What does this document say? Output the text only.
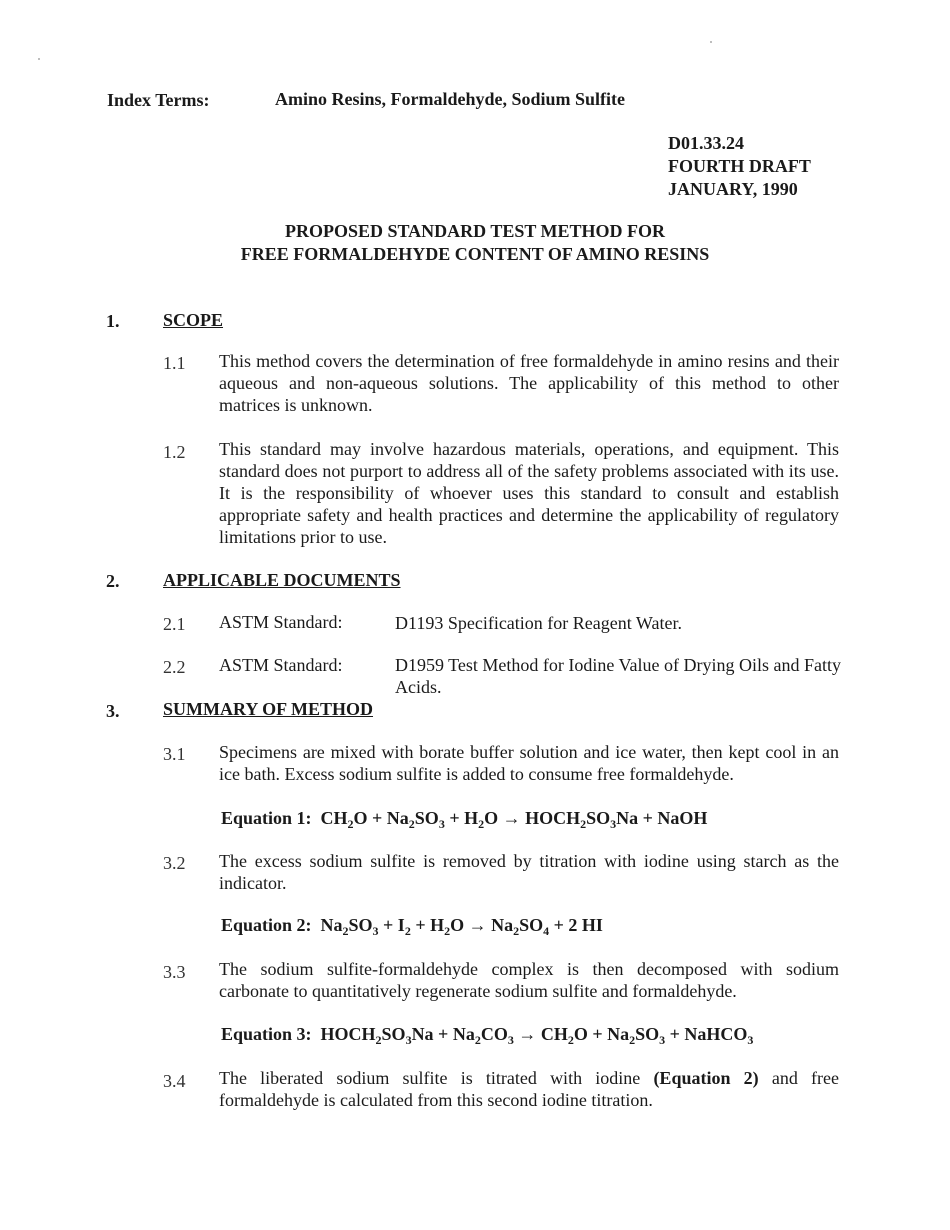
Index Terms:	Amino Resins, Formaldehyde, Sodium Sulfite
D01.33.24
FOURTH DRAFT
JANUARY, 1990
PROPOSED STANDARD TEST METHOD FOR
FREE FORMALDEHYDE CONTENT OF AMINO RESINS
1. SCOPE
1.1 This method covers the determination of free formaldehyde in amino resins and their aqueous and non-aqueous solutions. The applicability of this method to other matrices is unknown.
1.2 This standard may involve hazardous materials, operations, and equipment. This standard does not purport to address all of the safety problems associated with its use. It is the responsibility of whoever uses this standard to consult and establish appropriate safety and health practices and determine the applicability of regulatory limitations prior to use.
2. APPLICABLE DOCUMENTS
2.1 ASTM Standard:	D1193 Specification for Reagent Water.
2.2 ASTM Standard:	D1959 Test Method for Iodine Value of Drying Oils and Fatty Acids.
3. SUMMARY OF METHOD
3.1 Specimens are mixed with borate buffer solution and ice water, then kept cool in an ice bath. Excess sodium sulfite is added to consume free formaldehyde.
Equation 1: $CH_2O + Na_2SO_3 + H_2O$ → $HOCH_2SO_3Na$ + NaOH
3.2 The excess sodium sulfite is removed by titration with iodine using starch as the indicator.
Equation 2: $Na_2SO_3 + I_2 + H_2O \to Na_2SO_4 + 2$ HI
3.3 The sodium sulfite-formaldehyde complex is then decomposed with sodium carbonate to quantitatively regenerate sodium sulfite and formaldehyde.
Equation 3: $HOCH_2SO_3Na + Na_2CO_3 \to CH_2O + Na_2SO_3$ + NaHCO$_3$
3.4 The liberated sodium sulfite is titrated with iodine (Equation 2) and free formaldehyde is calculated from this second iodine titration.
